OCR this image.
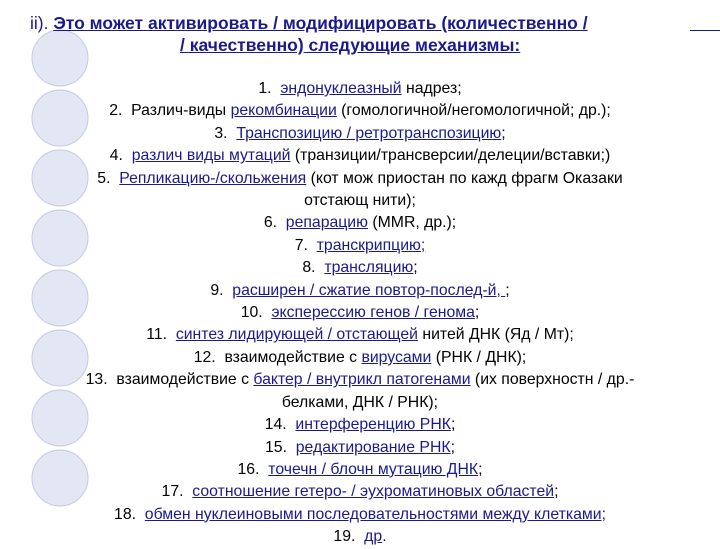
ii). Это может активировать / модифицировать (количественно /
/ качественно) следующие механизмы:
1. эндонуклеазный надрез;
2. Различ-виды рекомбинации (гомологичной/негомологичной; др.);
3. Транспозицию / ретротранспозицию;
4. различ виды мутаций (транзиции/трансверсии/делеции/вставки;)
5. Репликацию-/скольжения (кот мож приостан по кажд фрагм Оказаки
отстающ нити);
6. репарацию (MMR, др.);
7. транскрипцию;
8. трансляцию;
9. расширен / сжатие повтор-послед-й, ;
10. эксперессию генов / генома;
11. синтез лидирующей / отстающей нитей ДНК (Яд / Мт);
12. взаимодействие с вирусами (РНК / ДНК);
13. взаимодействие с бактер / внутрикл патогенами (их поверхностн / др.-
белками, ДНК / РНК);
14. интерференцию РНК;
15. редактирование РНК;
16. точечн / блочн мутацию ДНК;
17. соотношение гетеро- / эухроматиновых областей;
18. обмен нуклеиновыми последовательностями между клетками;
19. др.
